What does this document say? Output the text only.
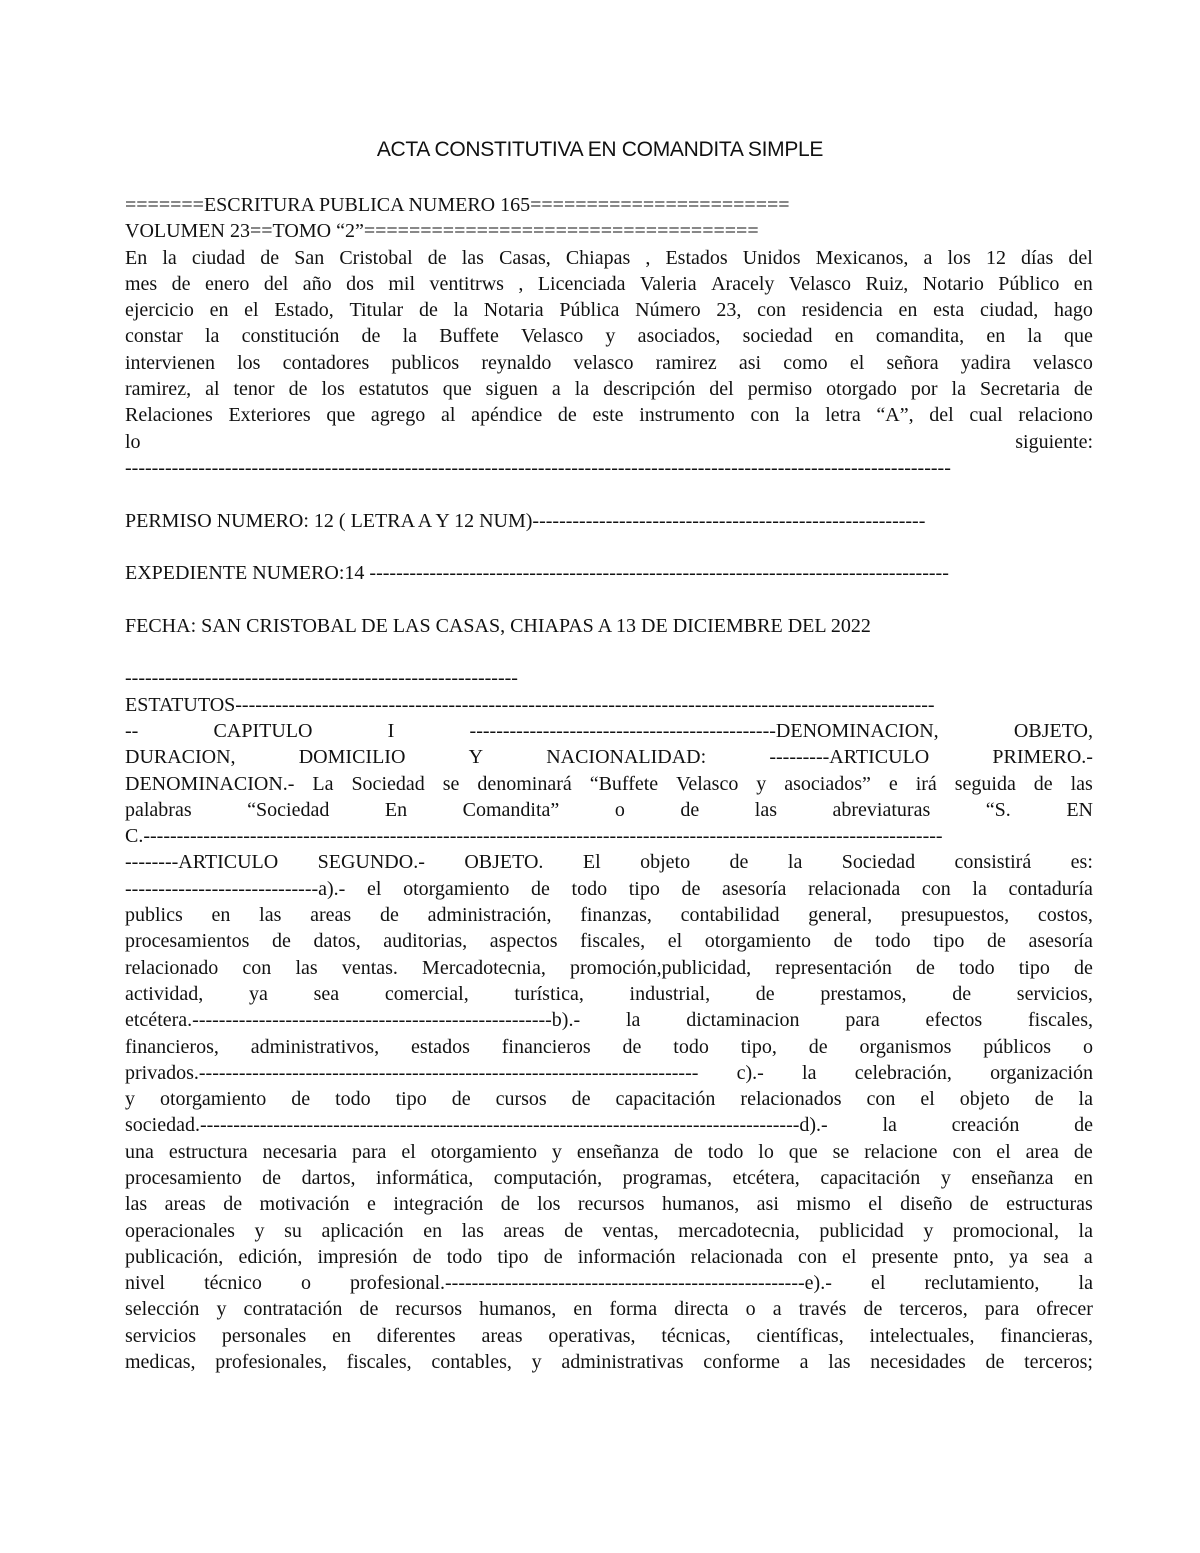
ACTA CONSTITUTIVA EN COMANDITA SIMPLE
=======ESCRITURA PUBLICA NUMERO 165=======================
VOLUMEN 23==TOMO “2”===================================
En la ciudad de San Cristobal de las Casas, Chiapas , Estados Unidos Mexicanos, a los 12 días del
mes de enero del año dos mil ventitrws , Licenciada Valeria Aracely Velasco Ruiz, Notario Público en
ejercicio en el Estado, Titular de la Notaria Pública Número 23, con residencia en esta ciudad, hago
constar la constitución de la Buffete Velasco y asociados, sociedad en comandita, en la que
intervienen los contadores publicos reynaldo velasco ramirez asi como el señora yadira velasco
ramirez, al tenor de los estatutos que siguen a la descripción del permiso otorgado por la Secretaria de
Relaciones Exteriores que agrego al apéndice de este instrumento con la letra “A”, del cual relaciono
lo	siguiente:
----------------------------------------------------------------------------------------------------------------------------
PERMISO NUMERO: 12 ( LETRA A Y 12 NUM)-----------------------------------------------------------
EXPEDIENTE NUMERO:14 ---------------------------------------------------------------------------------------
FECHA: SAN CRISTOBAL DE LAS CASAS, CHIAPAS A 13 DE DICIEMBRE DEL 2022
-----------------------------------------------------------
ESTATUTOS---------------------------------------------------------------------------------------------------------
--	CAPITULO	I	----------------------------------------------DENOMINACION,	OBJETO,
DURACION,	DOMICILIO	Y	NACIONALIDAD:	---------ARTICULO	PRIMERO.-
DENOMINACION.- La Sociedad se denominará “Buffete Velasco y asociados” e irá seguida de las
palabras	“Sociedad	En	Comandita”	o	de	las	abreviaturas	“S.	EN
C.------------------------------------------------------------------------------------------------------------------------
--------ARTICULO SEGUNDO.- OBJETO. El objeto de la Sociedad consistirá es:
-----------------------------a).- el otorgamiento de todo tipo de asesoría relacionada con la contaduría
publics en las areas de administración, finanzas, contabilidad general, presupuestos, costos,
procesamientos de datos, auditorias, aspectos fiscales, el otorgamiento de todo tipo de asesoría
relacionado con las ventas. Mercadotecnia, promoción,publicidad, representación de todo tipo de
actividad, ya sea comercial, turística, industrial, de prestamos, de servicios,
etcétera.------------------------------------------------------b).- la dictaminacion para efectos fiscales,
financieros, administrativos, estados financieros de todo tipo, de organismos públicos o
privados.--------------------------------------------------------------------------- c).- la celebración, organización
y otorgamiento de todo tipo de cursos de capacitación relacionados con el objeto de la
sociedad.------------------------------------------------------------------------------------------d).-	la	creación	de
una estructura necesaria para el otorgamiento y enseñanza de todo lo que se relacione con el area de
procesamiento de dartos, informática, computación, programas, etcétera, capacitación y enseñanza en
las areas de motivación e integración de los recursos humanos, asi mismo el diseño de estructuras
operacionales y su aplicación en las areas de ventas, mercadotecnia, publicidad y promocional, la
publicación, edición, impresión de todo tipo de información relacionada con el presente pnto, ya sea a
nivel técnico o profesional.------------------------------------------------------e).- el reclutamiento, la
selección y contratación de recursos humanos, en forma directa o a través de terceros, para ofrecer
servicios personales en diferentes areas operativas, técnicas, científicas, intelectuales, financieras,
medicas, profesionales, fiscales, contables, y administrativas conforme a las necesidades de terceros;
